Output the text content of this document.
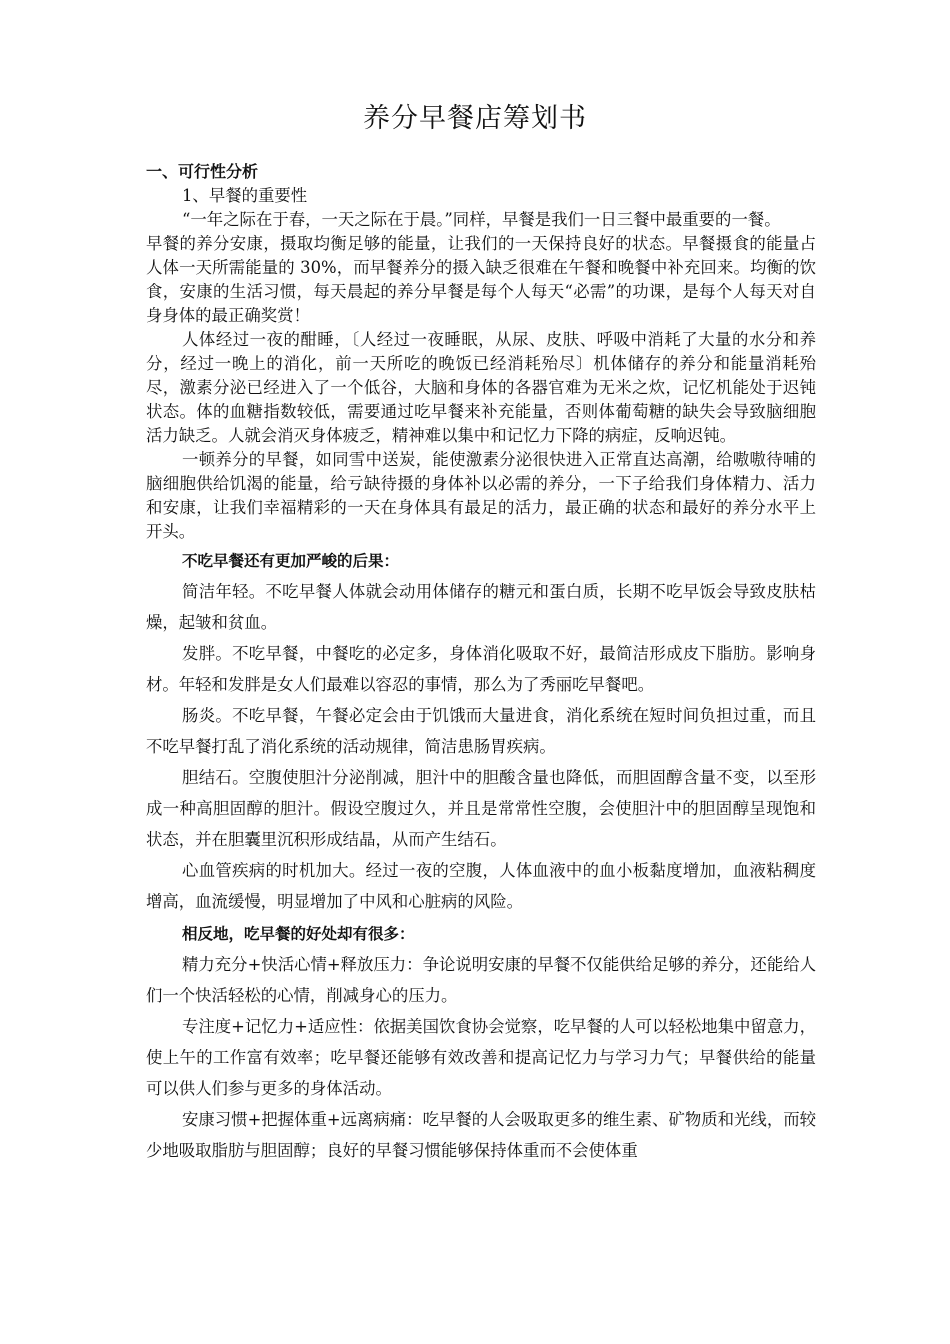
养分早餐店筹划书

一、可行性分析

1、早餐的重要性

“一年之际在于春，一天之际在于晨。”同样，早餐是我们一日三餐中最重要的一餐。

早餐的养分安康，摄取均衡足够的能量，让我们的一天保持良好的状态。早餐摄食的能量占人体一天所需能量的 30%，而早餐养分的摄入缺乏很难在午餐和晚餐中补充回来。均衡的饮食，安康的生活习惯，每天晨起的养分早餐是每个人每天“必需”的功课，是每个人每天对自身身体的最正确奖赏！

人体经过一夜的酣睡，〔人经过一夜睡眠，从尿、皮肤、呼吸中消耗了大量的水分和养分，经过一晚上的消化，前一天所吃的晚饭已经消耗殆尽〕机体储存的养分和能量消耗殆尽，激素分泌已经进入了一个低谷，大脑和身体的各器官难为无米之炊，记忆机能处于迟钝状态。体的血糖指数较低，需要通过吃早餐来补充能量，否则体葡萄糖的缺失会导致脑细胞活力缺乏。人就会消灭身体疲乏，精神难以集中和记忆力下降的病症，反响迟钝。

一顿养分的早餐，如同雪中送炭，能使激素分泌很快进入正常直达高潮，给嗷嗷待哺的脑细胞供给饥渴的能量，给亏缺待摄的身体补以必需的养分，一下子给我们身体精力、活力和安康，让我们幸福精彩的一天在身体具有最足的活力，最正确的状态和最好的养分水平上开头。

不吃早餐还有更加严峻的后果：

简洁年轻。不吃早餐人体就会动用体储存的糖元和蛋白质，长期不吃早饭会导致皮肤枯燥，起皱和贫血。

发胖。不吃早餐，中餐吃的必定多，身体消化吸取不好，最简洁形成皮下脂肪。影响身材。年轻和发胖是女人们最难以容忍的事情，那么为了秀丽吃早餐吧。

肠炎。不吃早餐，午餐必定会由于饥饿而大量进食，消化系统在短时间负担过重，而且不吃早餐打乱了消化系统的活动规律，简洁患肠胃疾病。

胆结石。空腹使胆汁分泌削减，胆汁中的胆酸含量也降低，而胆固醇含量不变，以至形成一种高胆固醇的胆汁。假设空腹过久，并且是常常性空腹，会使胆汁中的胆固醇呈现饱和状态，并在胆囊里沉积形成结晶，从而产生结石。

心血管疾病的时机加大。经过一夜的空腹，人体血液中的血小板黏度增加，血液粘稠度增高，血流缓慢，明显增加了中风和心脏病的风险。

相反地，吃早餐的好处却有很多：

精力充分+快活心情+释放压力：争论说明安康的早餐不仅能供给足够的养分，还能给人们一个快活轻松的心情，削减身心的压力。

专注度+记忆力+适应性：依据美国饮食协会觉察，吃早餐的人可以轻松地集中留意力，使上午的工作富有效率；吃早餐还能够有效改善和提高记忆力与学习力气；早餐供给的能量可以供人们参与更多的身体活动。

安康习惯+把握体重+远离病痛：吃早餐的人会吸取更多的维生素、矿物质和光线，而较少地吸取脂肪与胆固醇；良好的早餐习惯能够保持体重而不会使体重
